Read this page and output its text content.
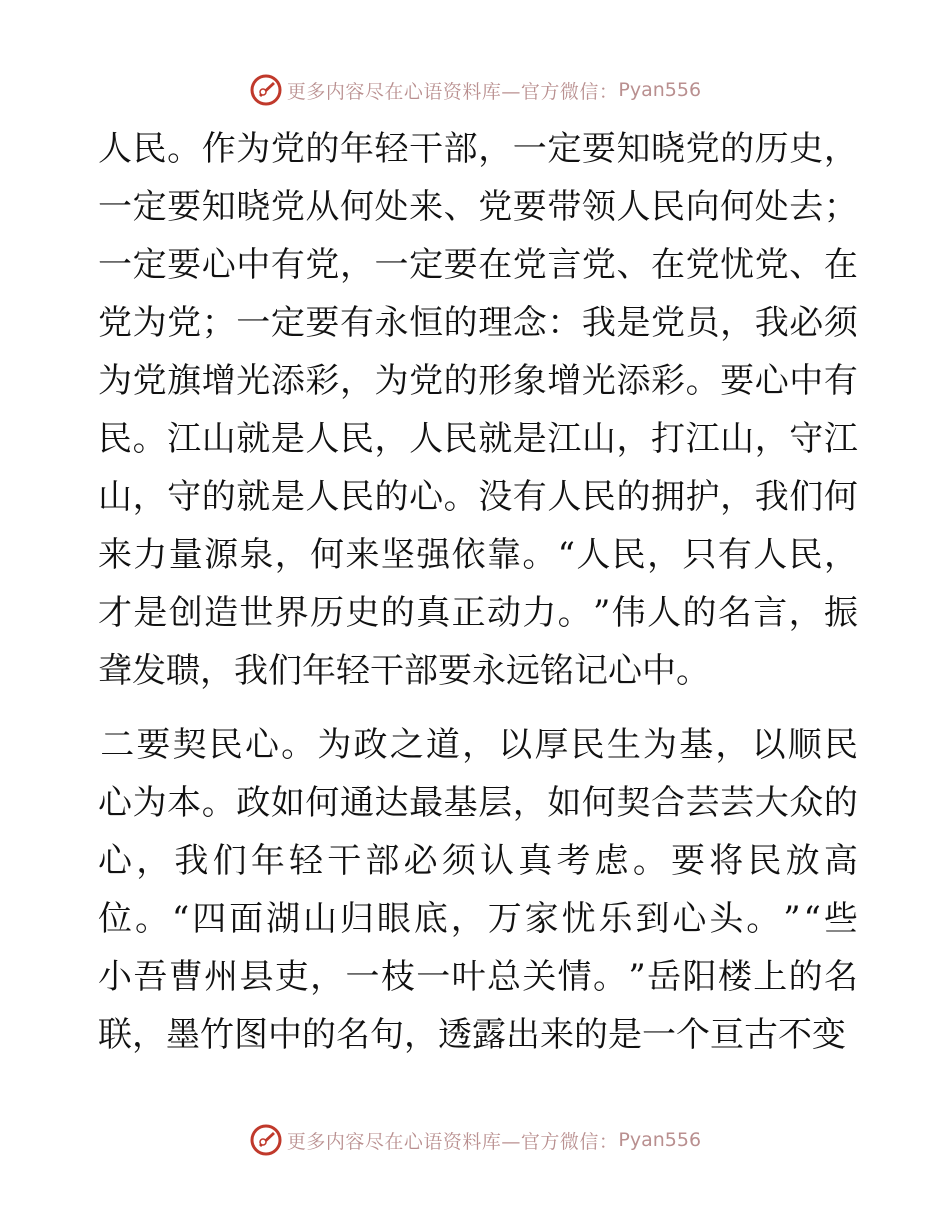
更多内容尽在心语资料库—官方微信： Pyan556
人 民 。 作 为 党 的 年 轻 干 部 ， 一 定 要 知 晓 党 的 历 史 ，
一 定 要 知 晓 党 从 何 处 来 、 党 要 带 领 人 民 向 何 处 去 ；
一 定 要 心 中 有 党 ， 一 定 要 在 党 言 党 、 在 党 忧 党 、 在
党 为 党 ； 一 定 要 有 永 恒 的 理 念 ： 我 是 党 员 ， 我 必 须
为 党 旗 增 光 添 彩 ， 为 党 的 形 象 增 光 添 彩 。 要 心 中 有
民 。 江 山 就 是 人 民 ， 人 民 就 是 江 山 ， 打 江 山 ， 守 江
山 ， 守 的 就 是 人 民 的 心 。 没 有 人 民 的 拥 护 ， 我 们 何
来 力 量 源 泉 ， 何 来 坚 强 依 靠 。 “ 人 民 ， 只 有 人 民 ，
才 是 创 造 世 界 历 史 的 真 正 动 力 。 ” 伟 人 的 名 言 ， 振
聋发聩，我们年轻干部要永远铭记心中。
二 要 契 民 心 。 为 政 之 道 ， 以 厚 民 生 为 基 ， 以 顺 民
心 为 本 。 政 如 何 通 达 最 基 层 ， 如 何 契 合 芸 芸 大 众 的
心 ， 我 们 年 轻 干 部 必 须 认 真 考 虑 。 要 将 民 放 高
位 。 “ 四 面 湖 山 归 眼 底 ， 万 家 忧 乐 到 心 头 。 ” “ 些
小 吾 曹 州 县 吏 ， 一 枝 一 叶 总 关 情 。 ” 岳 阳 楼 上 的 名
联，墨竹图中的名句，透露出来的是一个亘古不变
更多内容尽在心语资料库—官方微信： Pyan556
